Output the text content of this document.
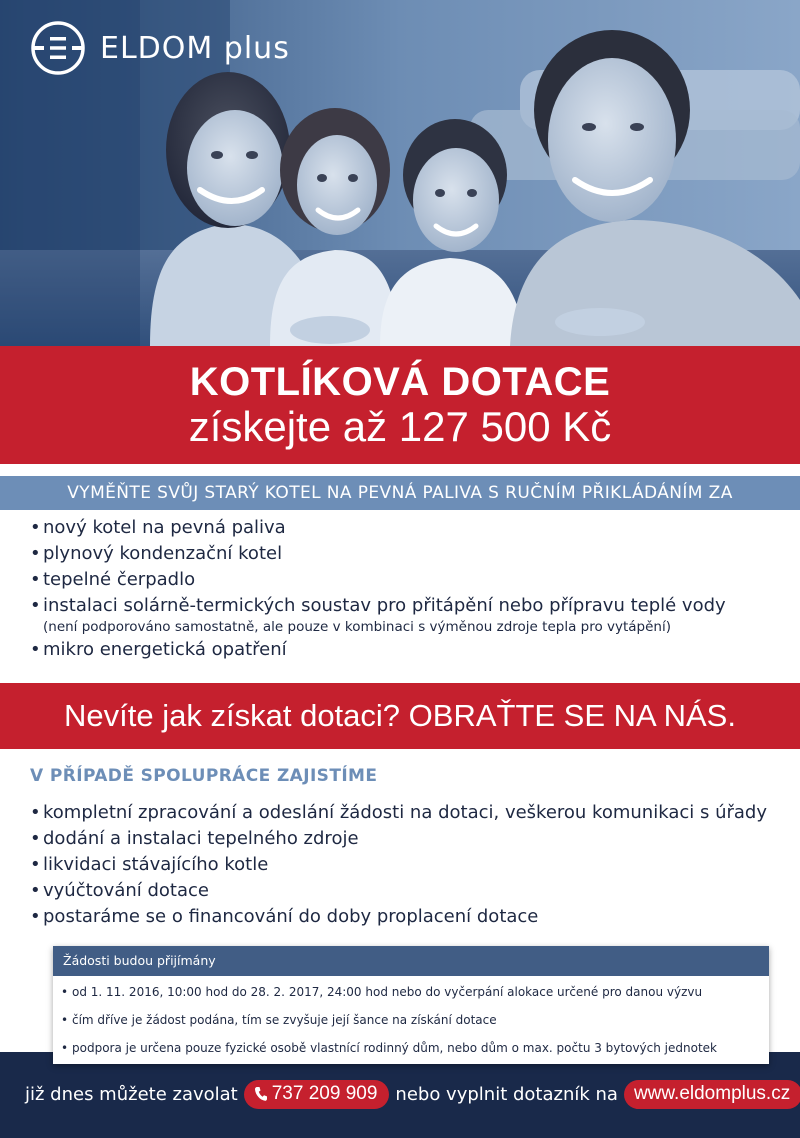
ELDOM plus
KOTLÍKOVÁ DOTACE
získejte až 127 500 Kč
VYMĚŇTE SVŮJ STARÝ KOTEL NA PEVNÁ PALIVA S RUČNÍM PŘIKLÁDÁNÍM ZA
• nový kotel na pevná paliva
• plynový kondenzační kotel
• tepelné čerpadlo
• instalaci solárně-termických soustav pro přitápění nebo přípravu teplé vody
(není podporováno samostatně, ale pouze v kombinaci s výměnou zdroje tepla pro vytápění)
• mikro energetická opatření
Nevíte jak získat dotaci? OBRAŤTE SE NA NÁS.
V PŘÍPADĚ SPOLUPRÁCE ZAJISTÍME
• kompletní zpracování a odeslání žádosti na dotaci, veškerou komunikaci s úřady
• dodání a instalaci tepelného zdroje
• likvidaci stávajícího kotle
• vyúčtování dotace
• postaráme se o financování do doby proplacení dotace
Žádosti budou přijímány
• od 1. 11. 2016, 10:00 hod do 28. 2. 2017, 24:00 hod nebo do vyčerpání alokace určené pro danou výzvu
• čím dříve je žádost podána, tím se zvyšuje její šance na získání dotace
• podpora je určena pouze fyzické osobě vlastnící rodinný dům, nebo dům o max. počtu 3 bytových jednotek
již dnes můžete zavolat 737 209 909 nebo vyplnit dotazník na www.eldomplus.cz
